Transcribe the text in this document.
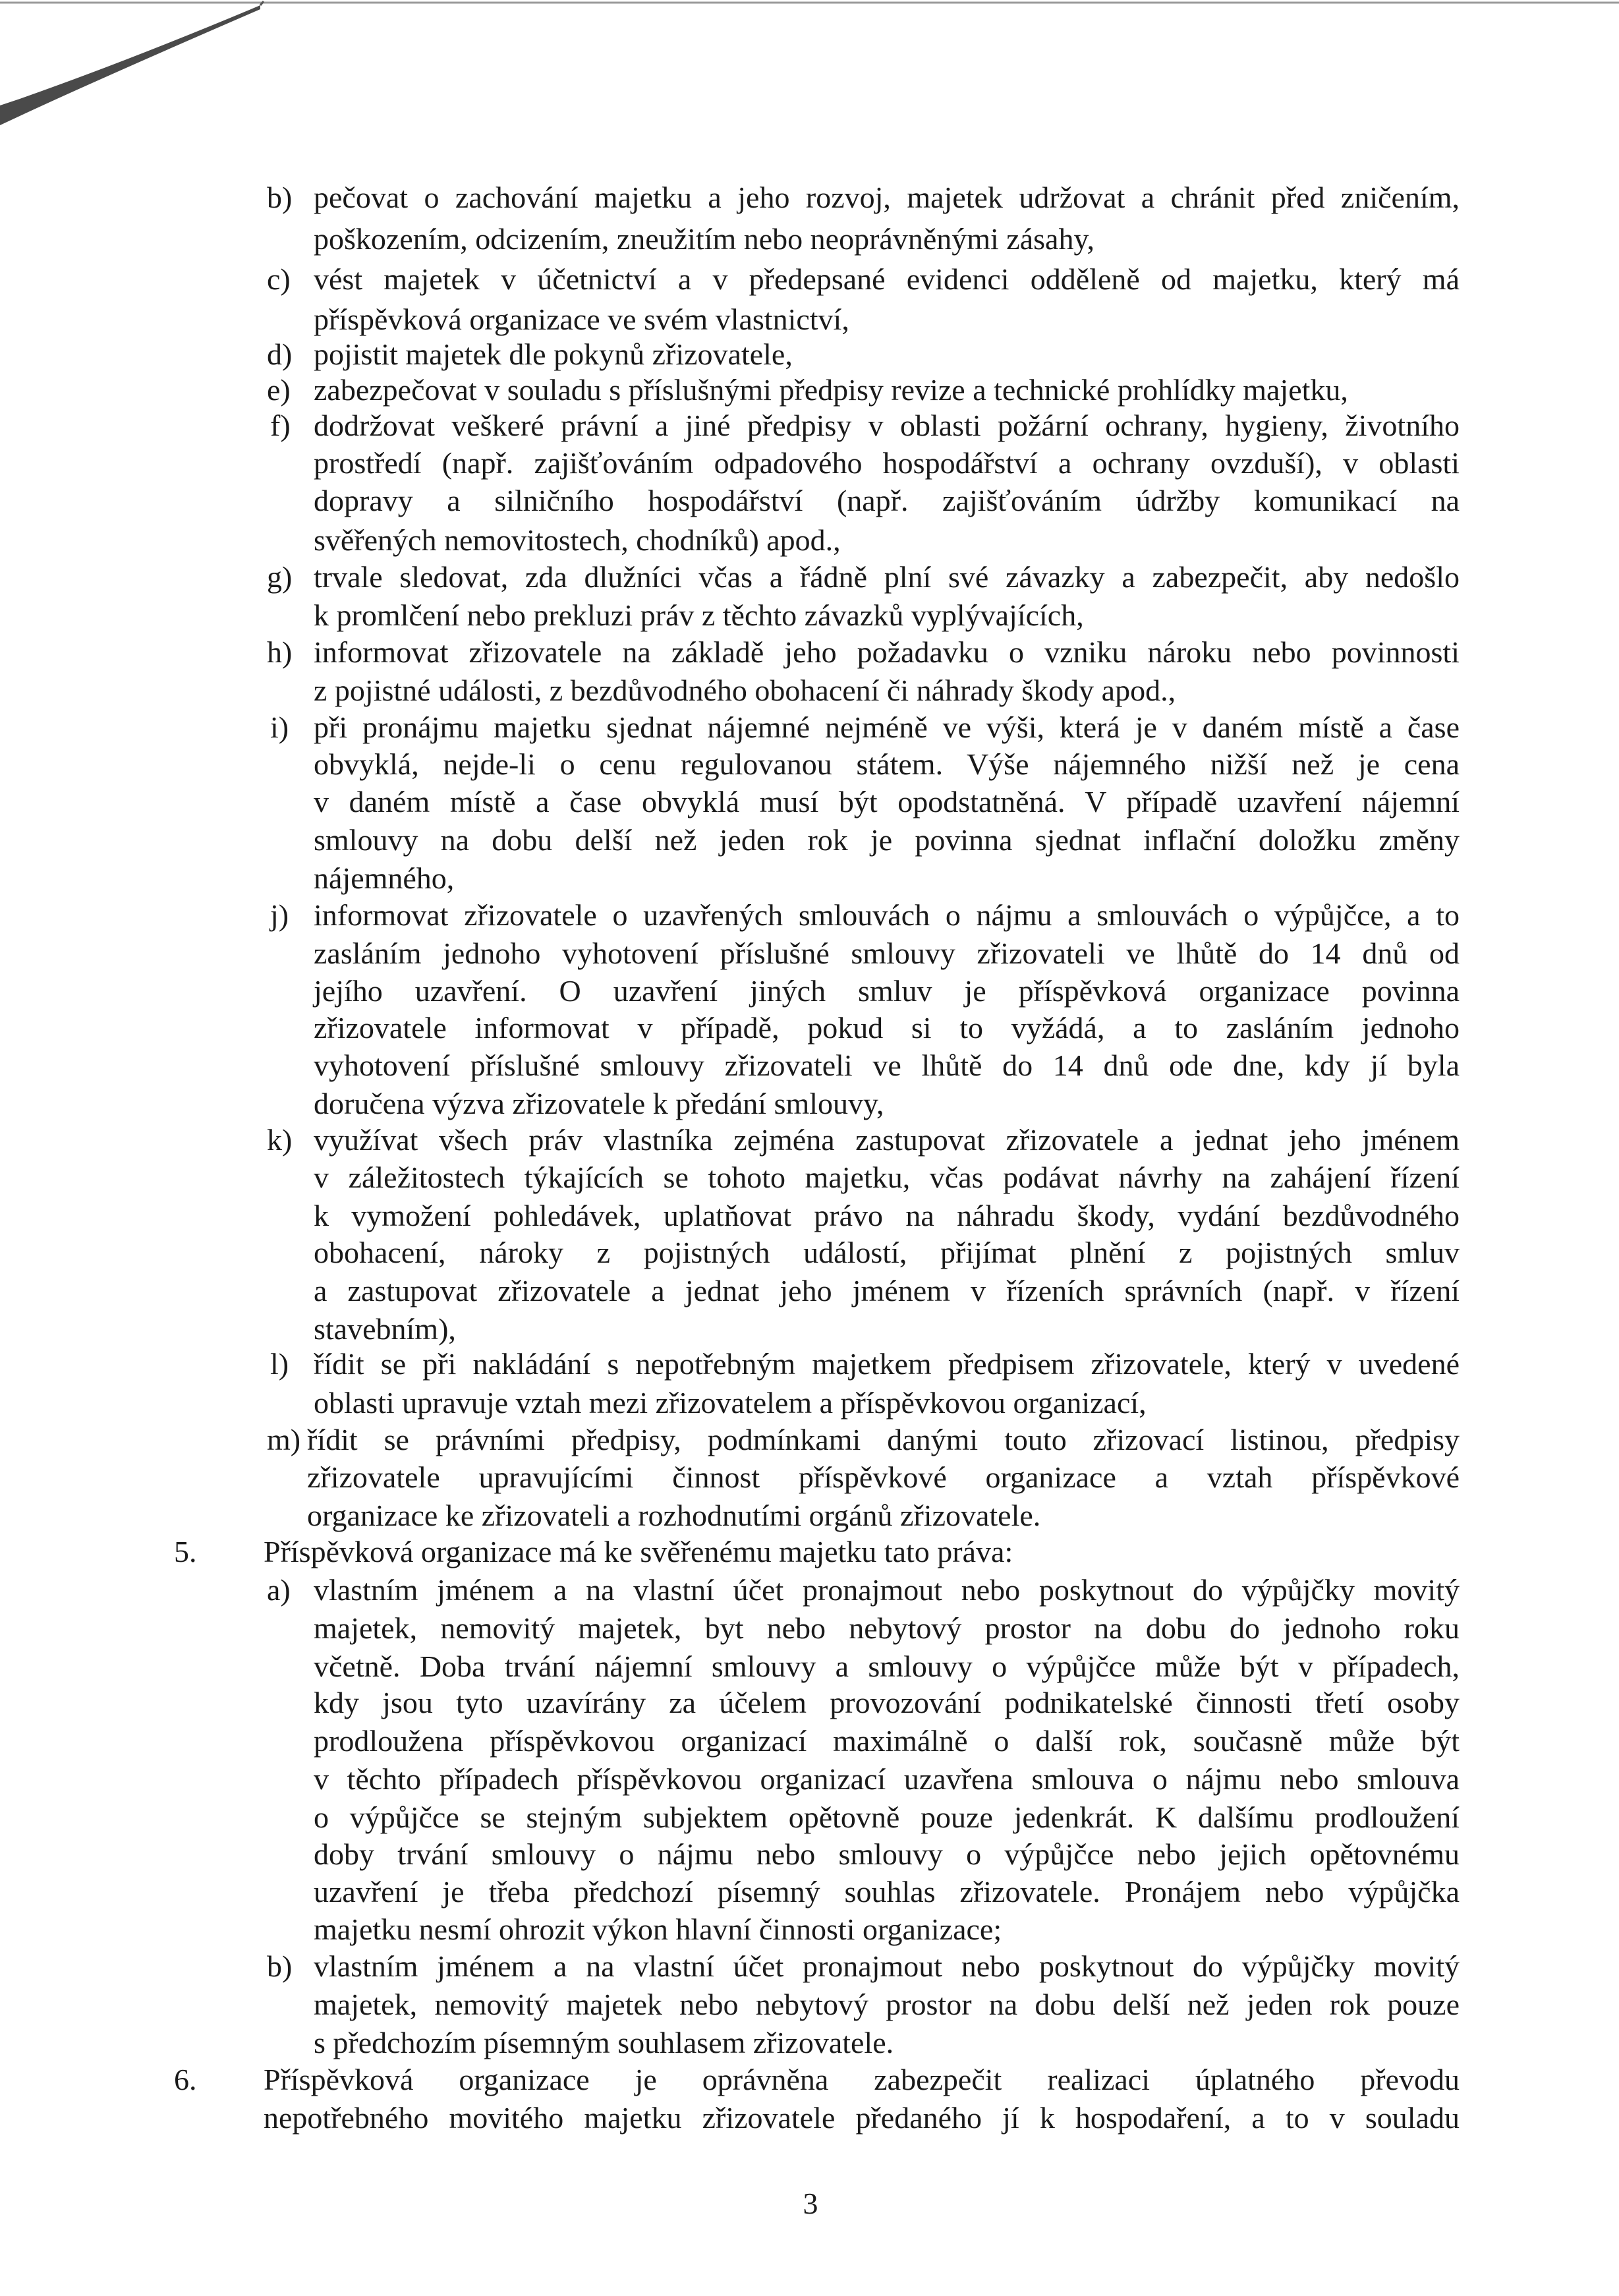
b) pečovat o zachování majetku a jeho rozvoj, majetek udržovat a chránit před zničením,

poškozením, odcizením, zneužitím nebo neoprávněnými zásahy,

c) vést majetek v účetnictví a v předepsané evidenci odděleně od majetku, který má

příspěvková organizace ve svém vlastnictví,

d) pojistit majetek dle pokynů zřizovatele,

e) zabezpečovat v souladu s příslušnými předpisy revize a technické prohlídky majetku,

f) dodržovat veškeré právní a jiné předpisy v oblasti požární ochrany, hygieny, životního

prostředí (např. zajišťováním odpadového hospodářství a ochrany ovzduší), v oblasti

dopravy a silničního hospodářství (např. zajišťováním údržby komunikací na

svěřených nemovitostech, chodníků) apod.,

g) trvale sledovat, zda dlužníci včas a řádně plní své závazky a zabezpečit, aby nedošlo

k promlčení nebo prekluzi práv z těchto závazků vyplývajících,

h) informovat zřizovatele na základě jeho požadavku o vzniku nároku nebo povinnosti

z pojistné události, z bezdůvodného obohacení či náhrady škody apod.,

i) při pronájmu majetku sjednat nájemné nejméně ve výši, která je v daném místě a čase

obvyklá, nejde-li o cenu regulovanou státem. Výše nájemného nižší než je cena

v daném místě a čase obvyklá musí být opodstatněná. V případě uzavření nájemní

smlouvy na dobu delší než jeden rok je povinna sjednat inflační doložku změny

nájemného,

j) informovat zřizovatele o uzavřených smlouvách o nájmu a smlouvách o výpůjčce, a to

zasláním jednoho vyhotovení příslušné smlouvy zřizovateli ve lhůtě do 14 dnů od

jejího uzavření. O uzavření jiných smluv je příspěvková organizace povinna

zřizovatele informovat v případě, pokud si to vyžádá, a to zasláním jednoho

vyhotovení příslušné smlouvy zřizovateli ve lhůtě do 14 dnů ode dne, kdy jí byla

doručena výzva zřizovatele k předání smlouvy,

k) využívat všech práv vlastníka zejména zastupovat zřizovatele a jednat jeho jménem

v záležitostech týkajících se tohoto majetku, včas podávat návrhy na zahájení řízení

k vymožení pohledávek, uplatňovat právo na náhradu škody, vydání bezdůvodného

obohacení, nároky z pojistných událostí, přijímat plnění z pojistných smluv

a zastupovat zřizovatele a jednat jeho jménem v řízeních správních (např. v řízení

stavebním),

l) řídit se při nakládání s nepotřebným majetkem předpisem zřizovatele, který v uvedené

oblasti upravuje vztah mezi zřizovatelem a příspěvkovou organizací,

m) řídit se právními předpisy, podmínkami danými touto zřizovací listinou, předpisy

zřizovatele upravujícími činnost příspěvkové organizace a vztah příspěvkové

organizace ke zřizovateli a rozhodnutími orgánů zřizovatele.

5. Příspěvková organizace má ke svěřenému majetku tato práva:

a) vlastním jménem a na vlastní účet pronajmout nebo poskytnout do výpůjčky movitý

majetek, nemovitý majetek, byt nebo nebytový prostor na dobu do jednoho roku

včetně. Doba trvání nájemní smlouvy a smlouvy o výpůjčce může být v případech,

kdy jsou tyto uzavírány za účelem provozování podnikatelské činnosti třetí osoby

prodloužena příspěvkovou organizací maximálně o další rok, současně může být

v těchto případech příspěvkovou organizací uzavřena smlouva o nájmu nebo smlouva

o výpůjčce se stejným subjektem opětovně pouze jedenkrát. K dalšímu prodloužení

doby trvání smlouvy o nájmu nebo smlouvy o výpůjčce nebo jejich opětovnému

uzavření je třeba předchozí písemný souhlas zřizovatele. Pronájem nebo výpůjčka

majetku nesmí ohrozit výkon hlavní činnosti organizace;

b) vlastním jménem a na vlastní účet pronajmout nebo poskytnout do výpůjčky movitý

majetek, nemovitý majetek nebo nebytový prostor na dobu delší než jeden rok pouze

s předchozím písemným souhlasem zřizovatele.

6. Příspěvková organizace je oprávněna zabezpečit realizaci úplatného převodu

nepotřebného movitého majetku zřizovatele předaného jí k hospodaření, a to v souladu

3
